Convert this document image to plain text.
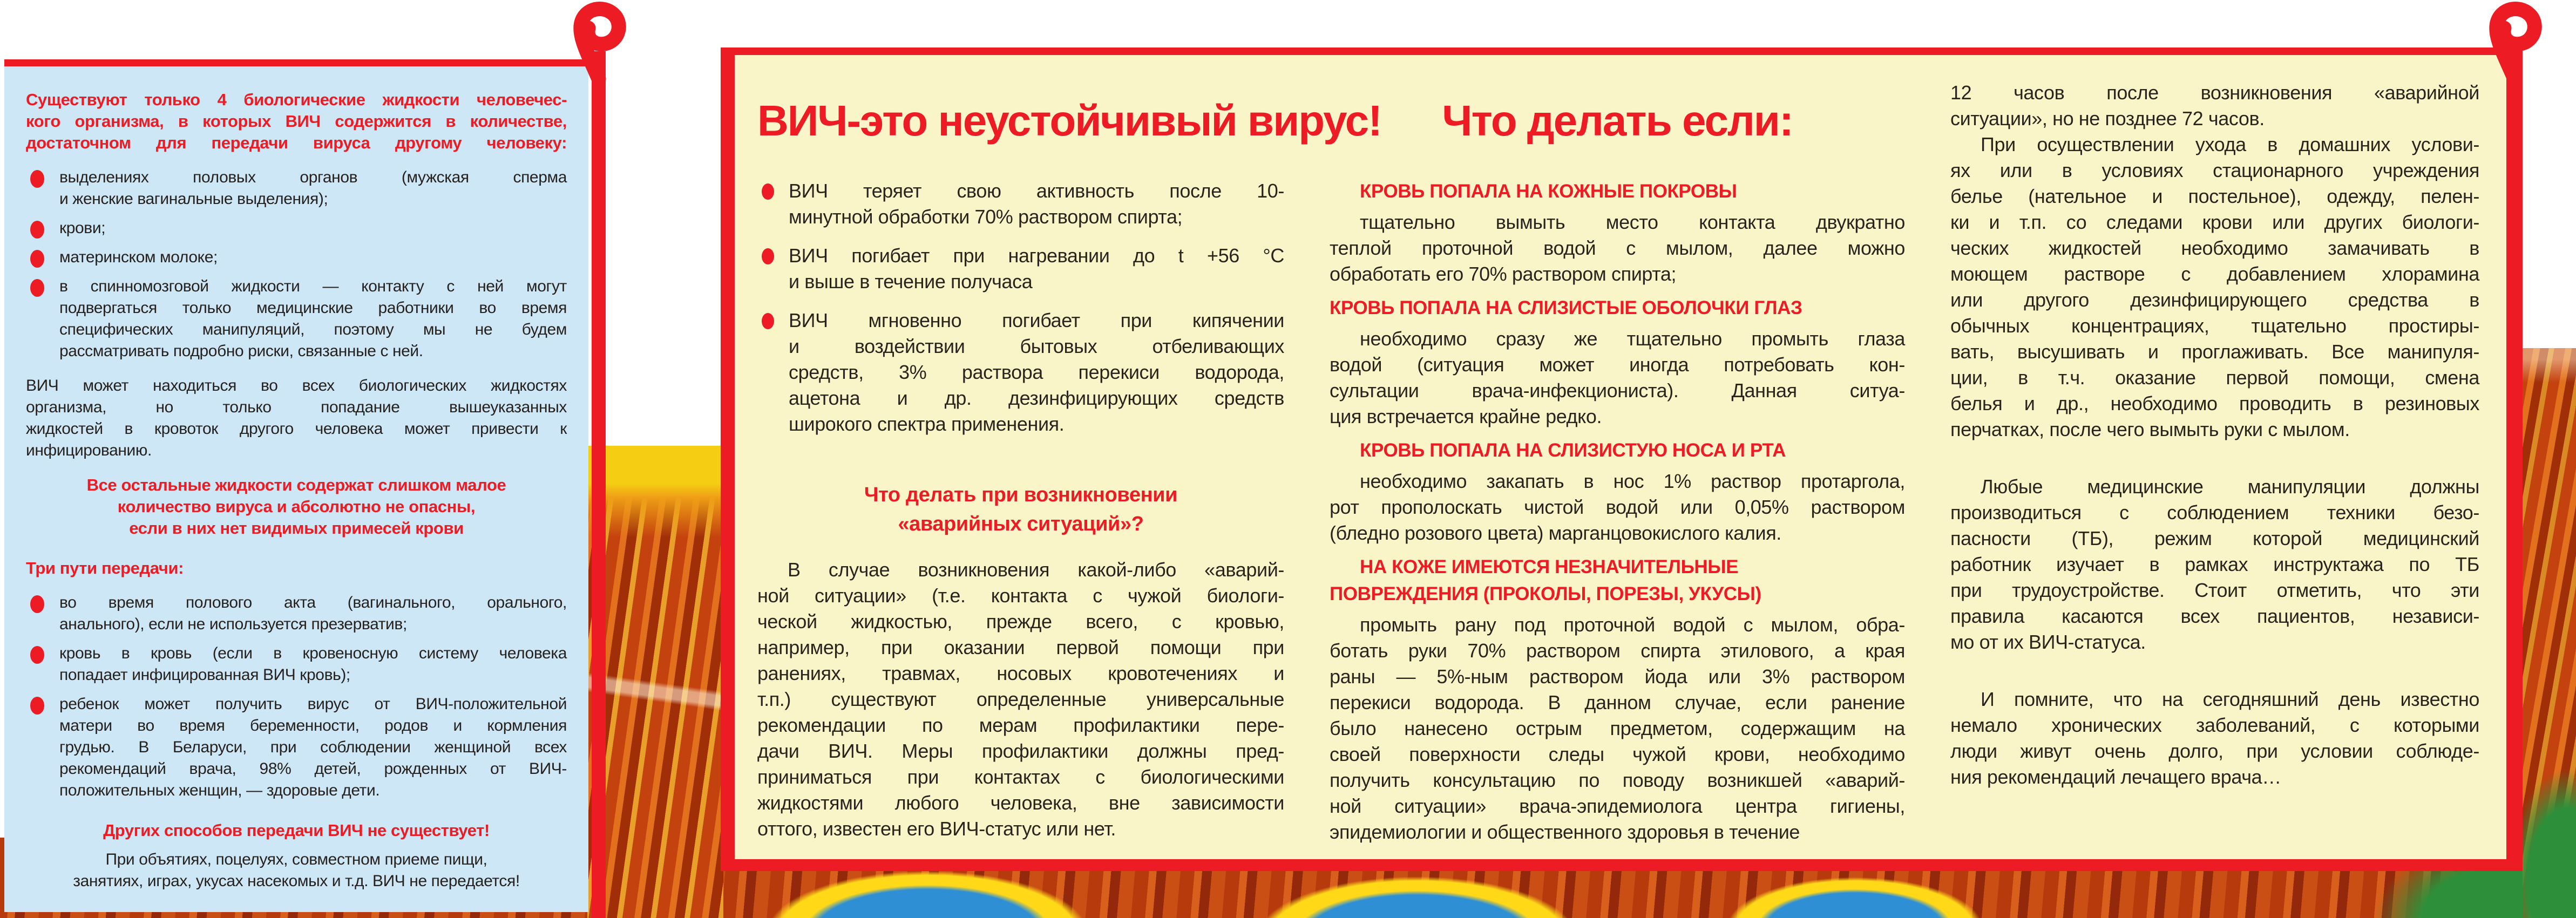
Существуют только 4 биологические жидкости человечес-
кого организма, в которых ВИЧ содержится в количестве,
достаточном для передачи вируса другому человеку:
выделениях половых органов (мужская сперма
и женские вагинальные выделения);
крови;
материнском молоке;
в спинномозговой жидкости — контакту с ней могут
подвергаться только медицинские работники во время
специфических манипуляций, поэтому мы не будем
рассматривать подробно риски, связанные с ней.
ВИЧ может находиться во всех биологических жидкостях
организма, но только попадание вышеуказанных
жидкостей в кровоток другого человека может привести к
инфицированию.
Все остальные жидкости содержат слишком малое
количество вируса и абсолютно не опасны,
если в них нет видимых примесей крови
Три пути передачи:
во время полового акта (вагинального, орального,
анального), если не используется презерватив;
кровь в кровь (если в кровеносную систему человека
попадает инфицированная ВИЧ кровь);
ребенок может получить вирус от ВИЧ-положительной
матери во время беременности, родов и кормления
грудью. В Беларуси, при соблюдении женщиной всех
рекомендаций врача, 98% детей, рожденных от ВИЧ-
положительных женщин, — здоровые дети.
Других способов передачи ВИЧ не существует!
При объятиях, поцелуях, совместном приеме пищи,
занятиях, играх, укусах насекомых и т.д. ВИЧ не передается!
ВИЧ-это неустойчивый вирус!
ВИЧ теряет свою активность после 10-
минутной обработки 70% раствором спирта;
ВИЧ погибает при нагревании до t +56 °С
и выше в течение получаса
ВИЧ мгновенно погибает при кипячении
и воздействии бытовых отбеливающих
средств, 3% раствора перекиси водорода,
ацетона и др. дезинфицирующих средств
широкого спектра применения.
Что делать при возникновении
«аварийных ситуаций»?
В случае возникновения какой-либо «аварий-
ной ситуации» (т.е. контакта с чужой биологи-
ческой жидкостью, прежде всего, с кровью,
например, при оказании первой помощи при
ранениях, травмах, носовых кровотечениях и
т.п.) существуют определенные универсальные
рекомендации по мерам профилактики пере-
дачи ВИЧ. Меры профилактики должны пред-
приниматься при контактах с биологическими
жидкостями любого человека, вне зависимости
оттого, известен его ВИЧ-статус или нет.
Что делать если:
КРОВЬ ПОПАЛА НА КОЖНЫЕ ПОКРОВЫ
тщательно вымыть место контакта двукратно
теплой проточной водой с мылом, далее можно
обработать его 70% раствором спирта;
КРОВЬ ПОПАЛА НА СЛИЗИСТЫЕ ОБОЛОЧКИ ГЛАЗ
необходимо сразу же тщательно промыть глаза
водой (ситуация может иногда потребовать кон-
сультации врача-инфекциониста). Данная ситуа-
ция встречается крайне редко.
КРОВЬ ПОПАЛА НА СЛИЗИСТУЮ НОСА И РТА
необходимо закапать в нос 1% раствор протаргола,
рот прополоскать чистой водой или 0,05% раствором
(бледно розового цвета) марганцовокислого калия.
НА КОЖЕ ИМЕЮТСЯ НЕЗНАЧИТЕЛЬНЫЕ
ПОВРЕЖДЕНИЯ (ПРОКОЛЫ, ПОРЕЗЫ, УКУСЫ)
промыть рану под проточной водой с мылом, обра-
ботать руки 70% раствором спирта этилового, а края
раны — 5%-ным раствором йода или 3% раствором
перекиси водорода. В данном случае, если ранение
было нанесено острым предметом, содержащим на
своей поверхности следы чужой крови, необходимо
получить консультацию по поводу возникшей «аварий-
ной ситуации» врача-эпидемиолога центра гигиены,
эпидемиологии и общественного здоровья в течение
12 часов после возникновения «аварийной
ситуации», но не позднее 72 часов.
При осуществлении ухода в домашних услови-
ях или в условиях стационарного учреждения
белье (нательное и постельное), одежду, пелен-
ки и т.п. со следами крови или других биологи-
ческих жидкостей необходимо замачивать в
моющем растворе с добавлением хлорамина
или другого дезинфицирующего средства в
обычных концентрациях, тщательно простиры-
вать, высушивать и проглаживать. Все манипуля-
ции, в т.ч. оказание первой помощи, смена
белья и др., необходимо проводить в резиновых
перчатках, после чего вымыть руки с мылом.
Любые медицинские манипуляции должны
производиться с соблюдением техники безо-
пасности (ТБ), режим которой медицинский
работник изучает в рамках инструктажа по ТБ
при трудоустройстве. Стоит отметить, что эти
правила касаются всех пациентов, независи-
мо от их ВИЧ-статуса.
И помните, что на сегодняшний день известно
немало хронических заболеваний, с которыми
люди живут очень долго, при условии соблюде-
ния рекомендаций лечащего врача…
